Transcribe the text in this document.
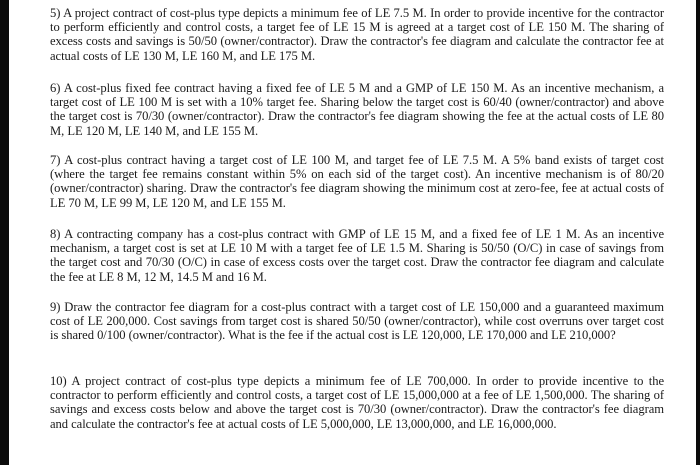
5) A project contract of cost-plus type depicts a minimum fee of LE 7.5 M. In order to provide incentive for the contractor to perform efficiently and control costs, a target fee of LE 15 M is agreed at a target cost of LE 150 M. The sharing of excess costs and savings is 50/50 (owner/contractor). Draw the contractor's fee diagram and calculate the contractor fee at actual costs of LE 130 M, LE 160 M, and LE 175 M.
6) A cost-plus fixed fee contract having a fixed fee of LE 5 M and a GMP of LE 150 M. As an incentive mechanism, a target cost of LE 100 M is set with a 10% target fee. Sharing below the target cost is 60/40 (owner/contractor) and above the target cost is 70/30 (owner/contractor). Draw the contractor's fee diagram showing the fee at the actual costs of LE 80 M, LE 120 M, LE 140 M, and LE 155 M.
7) A cost-plus contract having a target cost of LE 100 M, and target fee of LE 7.5 M. A 5% band exists of target cost (where the target fee remains constant within 5% on each sid of the target cost). An incentive mechanism is of 80/20 (owner/contractor) sharing. Draw the contractor's fee diagram showing the minimum cost at zero-fee, fee at actual costs of LE 70 M, LE 99 M, LE 120 M, and LE 155 M.
8) A contracting company has a cost-plus contract with GMP of LE 15 M, and a fixed fee of LE 1 M. As an incentive mechanism, a target cost is set at LE 10 M with a target fee of LE 1.5 M. Sharing is 50/50 (O/C) in case of savings from the target cost and 70/30 (O/C) in case of excess costs over the target cost. Draw the contractor fee diagram and calculate the fee at LE 8 M, 12 M, 14.5 M and 16 M.
9) Draw the contractor fee diagram for a cost-plus contract with a target cost of LE 150,000 and a guaranteed maximum cost of LE 200,000. Cost savings from target cost is shared 50/50 (owner/contractor), while cost overruns over target cost is shared 0/100 (owner/contractor). What is the fee if the actual cost is LE 120,000, LE 170,000 and LE 210,000?
10) A project contract of cost-plus type depicts a minimum fee of LE 700,000. In order to provide incentive to the contractor to perform efficiently and control costs, a target cost of LE 15,000,000 at a fee of LE 1,500,000. The sharing of savings and excess costs below and above the target cost is 70/30 (owner/contractor). Draw the contractor's fee diagram and calculate the contractor's fee at actual costs of LE 5,000,000, LE 13,000,000, and LE 16,000,000.
